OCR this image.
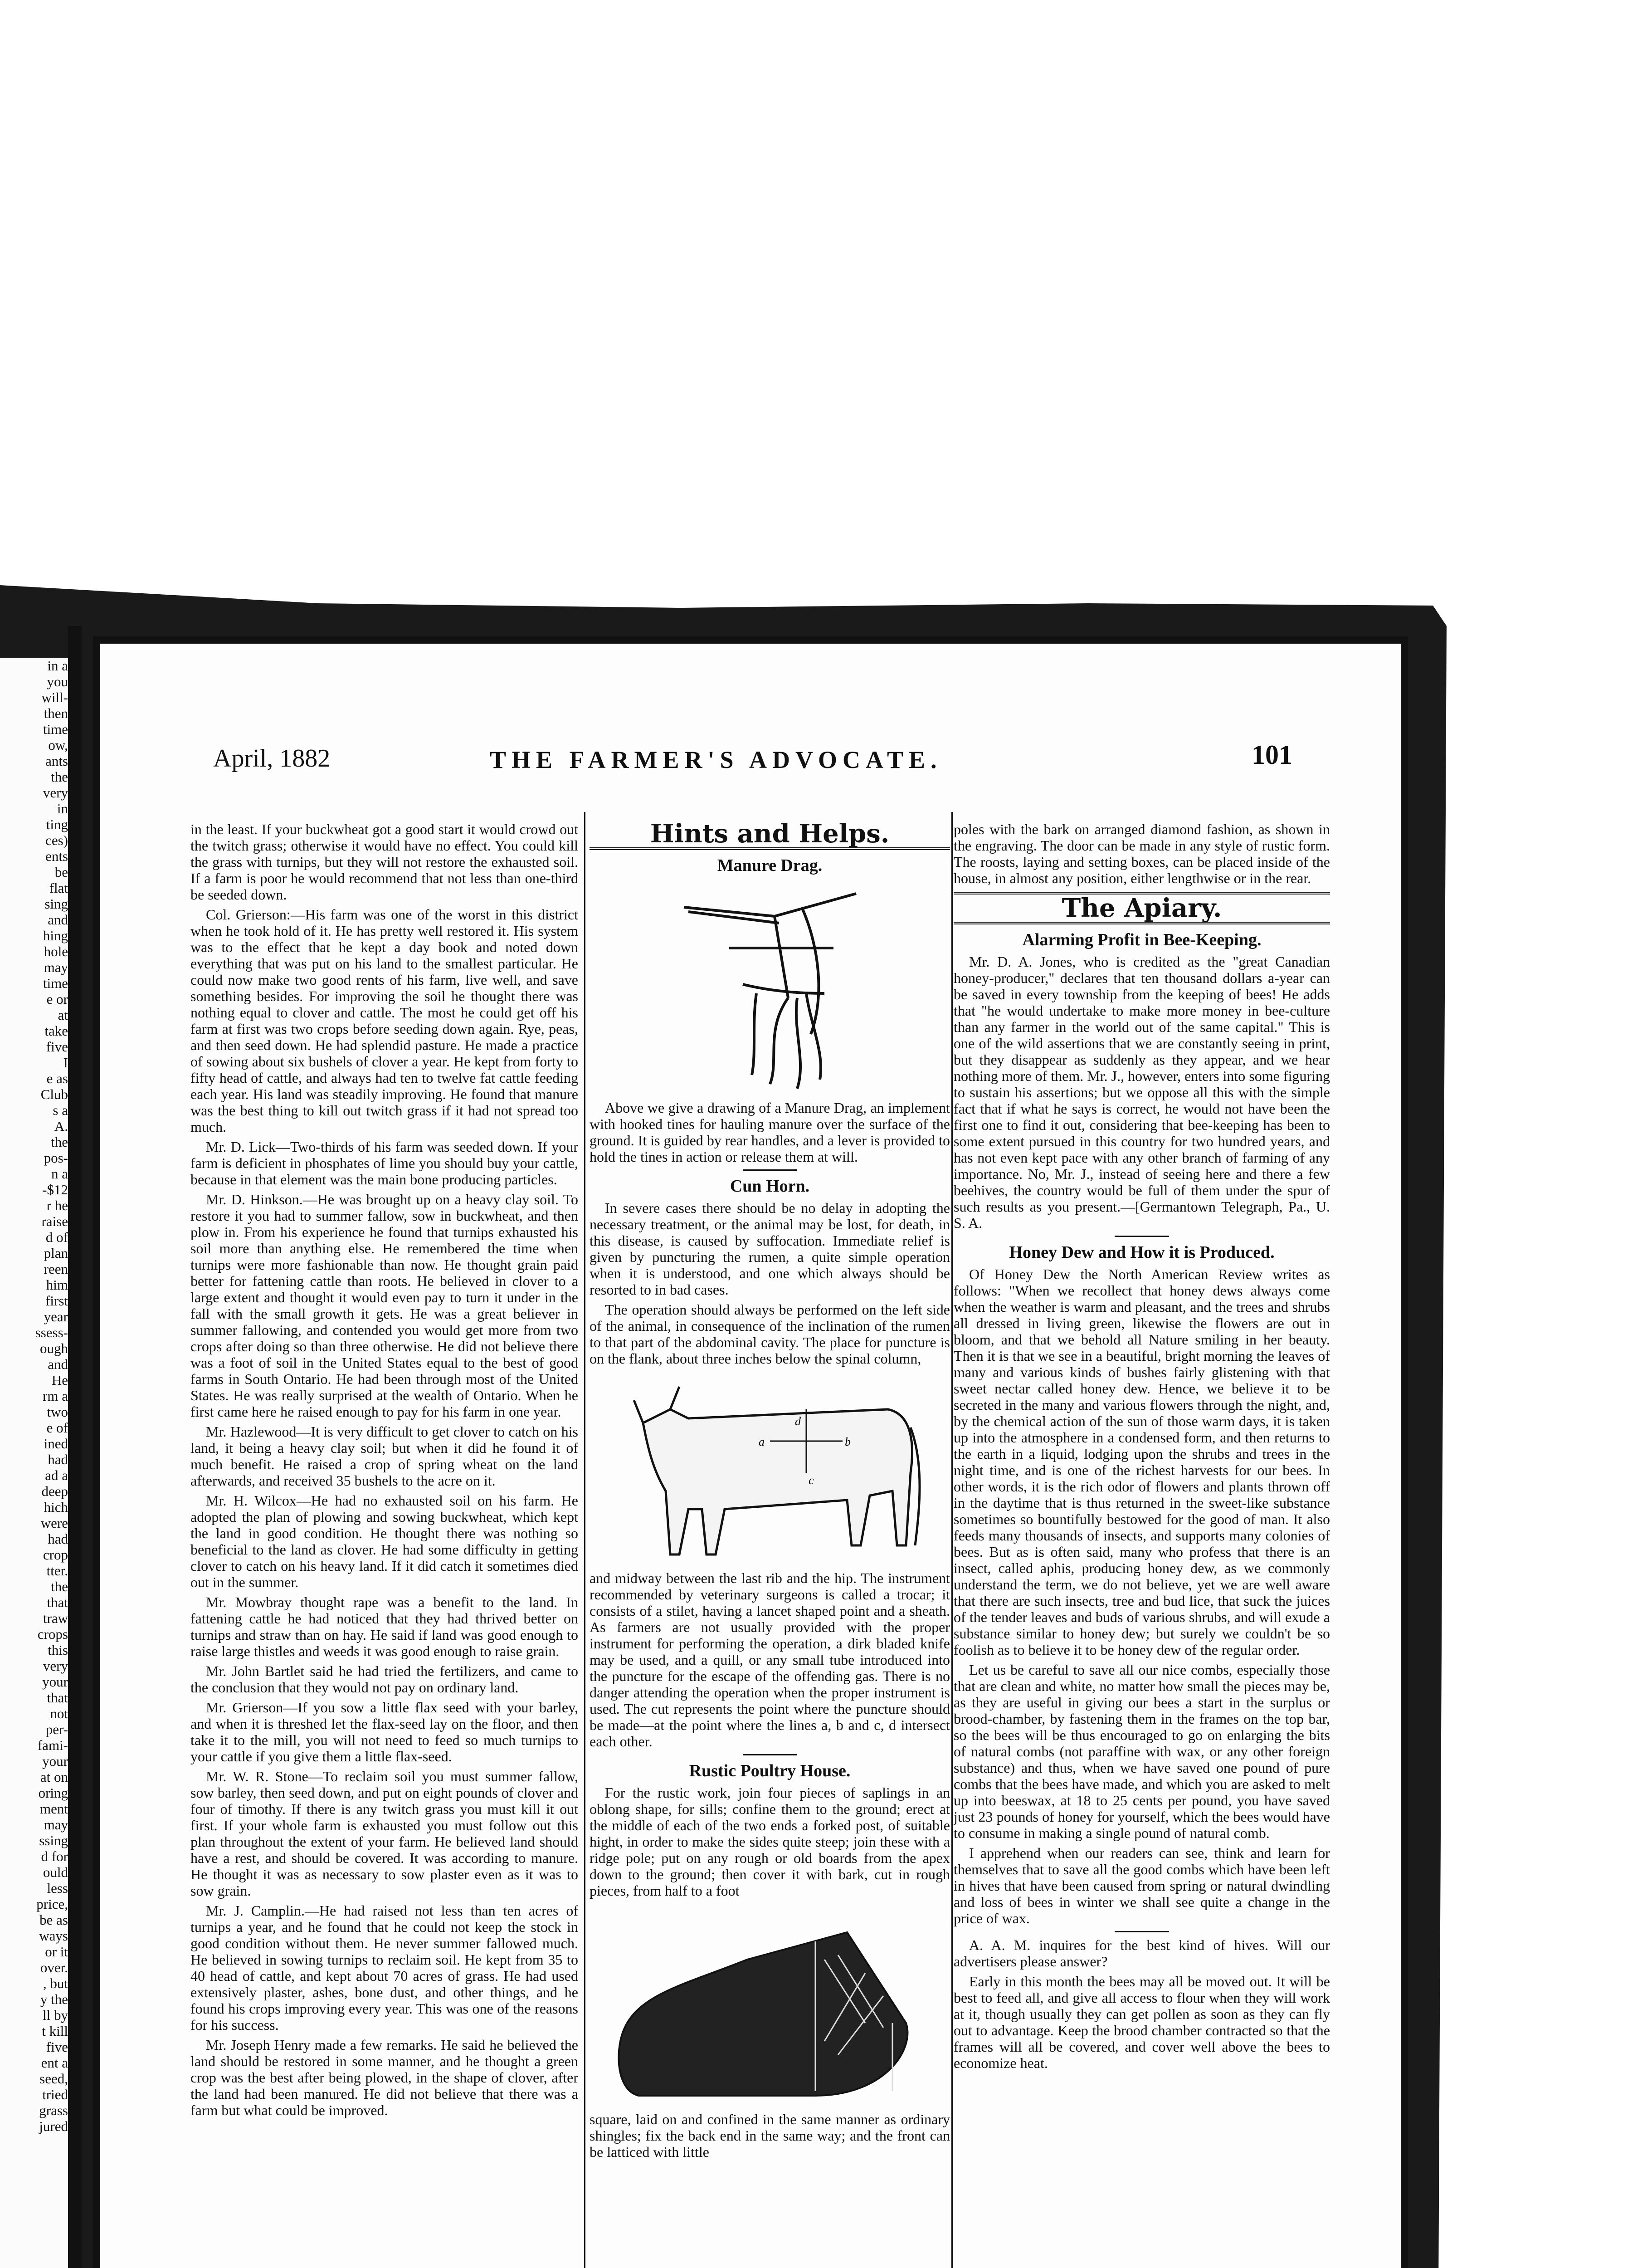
in a

you

will-

then

time

ow,

ants

the

very

in

ting

ces)

ents

be

flat

sing

and

hing

hole

may

time

e or

at

take

five

I

e as

Club

s a

A.

the

pos-

n a

-$12

r he

raise

d of

plan

reen

him

first

year

ssess-

ough

and

He

rm a

two

e of

ined

had

ad a

deep

hich

were

had

crop

tter.

the

that

traw

crops

this

very

your

that

not

per-

fami-

your

at on

oring

ment

may

ssing

d for

ould

less

price,

be as

ways

or it

over.

, but

y the

ll by

t kill

five

ent a

seed,

tried

grass

jured

April, 1882	THE FARMER'S ADVOCATE.	101

in the least. If your buckwheat got a good start it would crowd out the twitch grass; otherwise it would have no effect. You could kill the grass with turnips, but they will not restore the exhausted soil. If a farm is poor he would recommend that not less than one-third be seeded down.

Col. Grierson:—His farm was one of the worst in this district when he took hold of it. He has pretty well restored it. His system was to the effect that he kept a day book and noted down everything that was put on his land to the smallest particular. He could now make two good rents of his farm, live well, and save something besides. For improving the soil he thought there was nothing equal to clover and cattle. The most he could get off his farm at first was two crops before seeding down again. Rye, peas, and then seed down. He had splendid pasture. He made a practice of sowing about six bushels of clover a year. He kept from forty to fifty head of cattle, and always had ten to twelve fat cattle feeding each year. His land was steadily improving. He found that manure was the best thing to kill out twitch grass if it had not spread too much.

Mr. D. Lick—Two-thirds of his farm was seeded down. If your farm is deficient in phosphates of lime you should buy your cattle, because in that element was the main bone producing particles.

Mr. D. Hinkson.—He was brought up on a heavy clay soil. To restore it you had to summer fallow, sow in buckwheat, and then plow in. From his experience he found that turnips exhausted his soil more than anything else. He remembered the time when turnips were more fashionable than now. He thought grain paid better for fattening cattle than roots. He believed in clover to a large extent and thought it would even pay to turn it under in the fall with the small growth it gets. He was a great believer in summer fallowing, and contended you would get more from two crops after doing so than three otherwise. He did not believe there was a foot of soil in the United States equal to the best of good farms in South Ontario. He had been through most of the United States. He was really surprised at the wealth of Ontario. When he first came here he raised enough to pay for his farm in one year.

Mr. Hazlewood—It is very difficult to get clover to catch on his land, it being a heavy clay soil; but when it did he found it of much benefit. He raised a crop of spring wheat on the land afterwards, and received 35 bushels to the acre on it.

Mr. H. Wilcox—He had no exhausted soil on his farm. He adopted the plan of plowing and sowing buckwheat, which kept the land in good condition. He thought there was nothing so beneficial to the land as clover. He had some difficulty in getting clover to catch on his heavy land. If it did catch it sometimes died out in the summer.

Mr. Mowbray thought rape was a benefit to the land. In fattening cattle he had noticed that they had thrived better on turnips and straw than on hay. He said if land was good enough to raise large thistles and weeds it was good enough to raise grain.

Mr. John Bartlet said he had tried the fertilizers, and came to the conclusion that they would not pay on ordinary land.

Mr. Grierson—If you sow a little flax seed with your barley, and when it is threshed let the flax-seed lay on the floor, and then take it to the mill, you will not need to feed so much turnips to your cattle if you give them a little flax-seed.

Mr. W. R. Stone—To reclaim soil you must summer fallow, sow barley, then seed down, and put on eight pounds of clover and four of timothy. If there is any twitch grass you must kill it out first. If your whole farm is exhausted you must follow out this plan throughout the extent of your farm. He believed land should have a rest, and should be covered. It was according to manure. He thought it was as necessary to sow plaster even as it was to sow grain.

Mr. J. Camplin.—He had raised not less than ten acres of turnips a year, and he found that he could not keep the stock in good condition without them. He never summer fallowed much. He believed in sowing turnips to reclaim soil. He kept from 35 to 40 head of cattle, and kept about 70 acres of grass. He had used extensively plaster, ashes, bone dust, and other things, and he found his crops improving every year. This was one of the reasons for his success.

Mr. Joseph Henry made a few remarks. He said he believed the land should be restored in some manner, and he thought a green crop was the best after being plowed, in the shape of clover, after the land had been manured. He did not believe that there was a farm but what could be improved.

Hints and Helps.
Manure Drag.

Above we give a drawing of a Manure Drag, an implement with hooked tines for hauling manure over the surface of the ground. It is guided by rear handles, and a lever is provided to hold the tines in action or release them at will.

Cun Horn.

In severe cases there should be no delay in adopting the necessary treatment, or the animal may be lost, for death, in this disease, is caused by suffocation. Immediate relief is given by puncturing the rumen, a quite simple operation when it is understood, and one which always should be resorted to in bad cases.

The operation should always be performed on the left side of the animal, in consequence of the inclination of the rumen to that part of the abdominal cavity. The place for puncture is on the flank, about three inches below the spinal column,

d
a	b
c

and midway between the last rib and the hip. The instrument recommended by veterinary surgeons is called a trocar; it consists of a stilet, having a lancet shaped point and a sheath. As farmers are not usually provided with the proper instrument for performing the operation, a dirk bladed knife may be used, and a quill, or any small tube introduced into the puncture for the escape of the offending gas. There is no danger attending the operation when the proper instrument is used. The cut represents the point where the puncture should be made—at the point where the lines a, b and c, d intersect each other.

Rustic Poultry House.

For the rustic work, join four pieces of saplings in an oblong shape, for sills; confine them to the ground; erect at the middle of each of the two ends a forked post, of suitable hight, in order to make the sides quite steep; join these with a ridge pole; put on any rough or old boards from the apex down to the ground; then cover it with bark, cut in rough pieces, from half to a foot

square, laid on and confined in the same manner as ordinary shingles; fix the back end in the same way; and the front can be latticed with little

poles with the bark on arranged diamond fashion, as shown in the engraving. The door can be made in any style of rustic form. The roosts, laying and setting boxes, can be placed inside of the house, in almost any position, either lengthwise or in the rear.

The Apiary.
Alarming Profit in Bee-Keeping.

Mr. D. A. Jones, who is credited as the "great Canadian honey-producer," declares that ten thousand dollars a-year can be saved in every township from the keeping of bees! He adds that "he would undertake to make more money in bee-culture than any farmer in the world out of the same capital." This is one of the wild assertions that we are constantly seeing in print, but they disappear as suddenly as they appear, and we hear nothing more of them. Mr. J., however, enters into some figuring to sustain his assertions; but we oppose all this with the simple fact that if what he says is correct, he would not have been the first one to find it out, considering that bee-keeping has been to some extent pursued in this country for two hundred years, and has not even kept pace with any other branch of farming of any importance. No, Mr. J., instead of seeing here and there a few beehives, the country would be full of them under the spur of such results as you present.—[Germantown Telegraph, Pa., U. S. A.

Honey Dew and How it is Produced.

Of Honey Dew the North American Review writes as follows: "When we recollect that honey dews always come when the weather is warm and pleasant, and the trees and shrubs all dressed in living green, likewise the flowers are out in bloom, and that we behold all Nature smiling in her beauty. Then it is that we see in a beautiful, bright morning the leaves of many and various kinds of bushes fairly glistening with that sweet nectar called honey dew. Hence, we believe it to be secreted in the many and various flowers through the night, and, by the chemical action of the sun of those warm days, it is taken up into the atmosphere in a condensed form, and then returns to the earth in a liquid, lodging upon the shrubs and trees in the night time, and is one of the richest harvests for our bees. In other words, it is the rich odor of flowers and plants thrown off in the daytime that is thus returned in the sweet-like substance sometimes so bountifully bestowed for the good of man. It also feeds many thousands of insects, and supports many colonies of bees. But as is often said, many who profess that there is an insect, called aphis, producing honey dew, as we commonly understand the term, we do not believe, yet we are well aware that there are such insects, tree and bud lice, that suck the juices of the tender leaves and buds of various shrubs, and will exude a substance similar to honey dew; but surely we couldn't be so foolish as to believe it to be honey dew of the regular order.

Let us be careful to save all our nice combs, especially those that are clean and white, no matter how small the pieces may be, as they are useful in giving our bees a start in the surplus or brood-chamber, by fastening them in the frames on the top bar, so the bees will be thus encouraged to go on enlarging the bits of natural combs (not paraffine with wax, or any other foreign substance) and thus, when we have saved one pound of pure combs that the bees have made, and which you are asked to melt up into beeswax, at 18 to 25 cents per pound, you have saved just 23 pounds of honey for yourself, which the bees would have to consume in making a single pound of natural comb.

I apprehend when our readers can see, think and learn for themselves that to save all the good combs which have been left in hives that have been caused from spring or natural dwindling and loss of bees in winter we shall see quite a change in the price of wax.

A. A. M. inquires for the best kind of hives. Will our advertisers please answer?

Early in this month the bees may all be moved out. It will be best to feed all, and give all access to flour when they will work at it, though usually they can get pollen as soon as they can fly out to advantage. Keep the brood chamber contracted so that the frames will all be covered, and cover well above the bees to economize heat.
